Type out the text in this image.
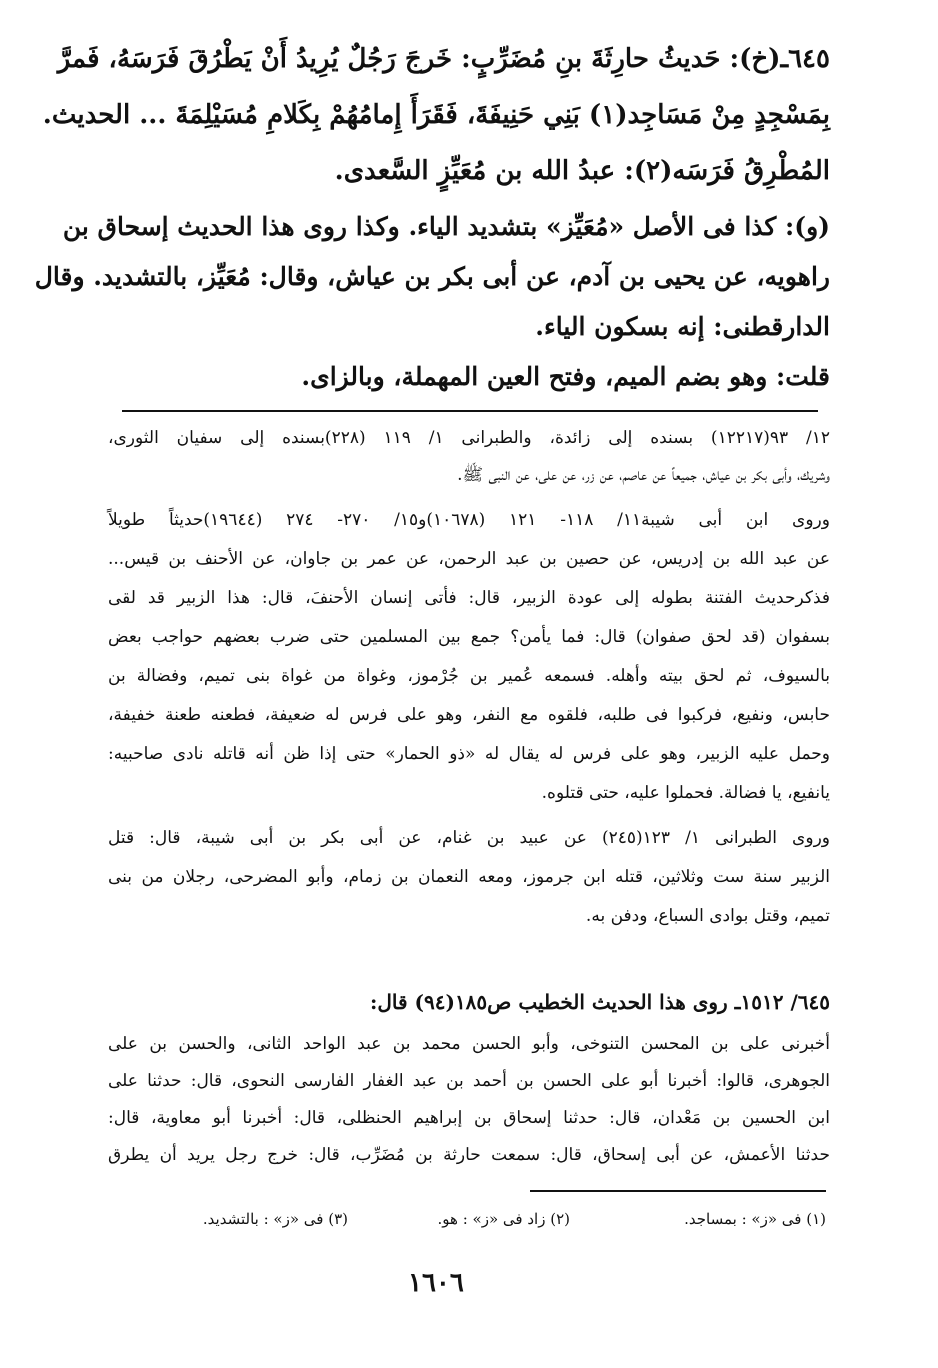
٦٤٥ـ(خ): حَديثُ حارِثَةَ بنِ مُضَرِّبٍ: خَرجَ رَجُلٌ يُرِيدُ أَنْ يَطْرُقَ فَرَسَهُ، فَمرَّ

بِمَسْجِدٍ مِنْ مَسَاجِد(١) بَنِي حَنِيفَةَ، فَقَرَأَ إِمامُهُمْ بِكَلامِ مُسَيْلِمَةَ ... الحديث.

المُطْرِقُ فَرَسَه(٢): عبدُ الله بن مُعَيِّزٍ السَّعدى.

(و): كذا فى الأصل «مُعَيِّز» بتشديد الياء. وكذا روى هذا الحديث إسحاق بن

راهويه، عن يحيى بن آدم، عن أبى بكر بن عياش، وقال: مُعَيِّز، بالتشديد. وقال

الدارقطنى: إنه بسكون الياء.

قلت: وهو بضم الميم، وفتح العين المهملة، وبالزاى.

١٢/ ٩٣(١٢٢١٧) بسنده إلى زائدة، والطبرانى ١/ ١١٩ (٢٢٨)بسنده إلى سفيان الثورى،

وشريك، وأبى بكر بن عياش، جميعاً عن عاصم، عن زر، عن على، عن النبى ﷺ.

وروى ابن أبى شيبة١١/ ١١٨- ١٢١ (١٠٦٧٨)و١٥/ ٢٧٠- ٢٧٤ (١٩٦٤٤)حديثاً طويلاً

عن عبد الله بن إدريس، عن حصين بن عبد الرحمن، عن عمر بن جاوان، عن الأحنف بن قيس...

فذكرحديث الفتنة بطوله إلى عودة الزبير، قال: فأتى إنسان الأحنفَ، قال: هذا الزبير قد لقى

بسفوان (قد لحق صفوان) قال: فما يأمن؟ جمع بين المسلمين حتى ضرب بعضهم حواجب بعض

بالسيوف، ثم لحق بيته وأهله. فسمعه عُمير بن جُرْموز، وغواة من غواة بنى تميم، وفضالة بن

حابس، ونفيع، فركبوا فى طلبه، فلقوه مع النفر، وهو على فرس له ضعيفة، فطعنه طعنة خفيفة،

وحمل عليه الزبير، وهو على فرس له يقال له «ذو الحمار» حتى إذا ظن أنه قاتله نادى صاحبيه:

يانفيع، يا فضالة. فحملوا عليه، حتى قتلوه.

وروى الطبرانى ١/ ١٢٣(٢٤٥) عن عبيد بن غنام، عن أبى بكر بن أبى شيبة، قال: قتل

الزبير سنة ست وثلاثين، قتله ابن جرموز، ومعه النعمان بن زمام، وأبو المضرحى، رجلان من بنى

تميم، وقتل بوادى السباع، ودفن به.

٦٤٥/ ١٥١٢ـ روى هذا الحديث الخطيب ص١٨٥(٩٤) قال:

أخبرنى على بن المحسن التنوخى، وأبو الحسن محمد بن عبد الواحد الثانى، والحسن بن على

الجوهرى، قالوا: أخبرنا أبو على الحسن بن أحمد بن عبد الغفار الفارسى النحوى، قال: حدثنا على

ابن الحسين بن مَعْدان، قال: حدثنا إسحاق بن إبراهيم الحنظلى، قال: أخبرنا أبو معاوية، قال:

حدثنا الأعمش، عن أبى إسحاق، قال: سمعت حارثة بن مُضَرِّب، قال: خرج رجل يريد أن يطرق

(١) فى «ز» : بمساجد.
(٢) زاد فى «ز» : هو.
(٣) فى «ز» : بالتشديد.
١٦٠٦
